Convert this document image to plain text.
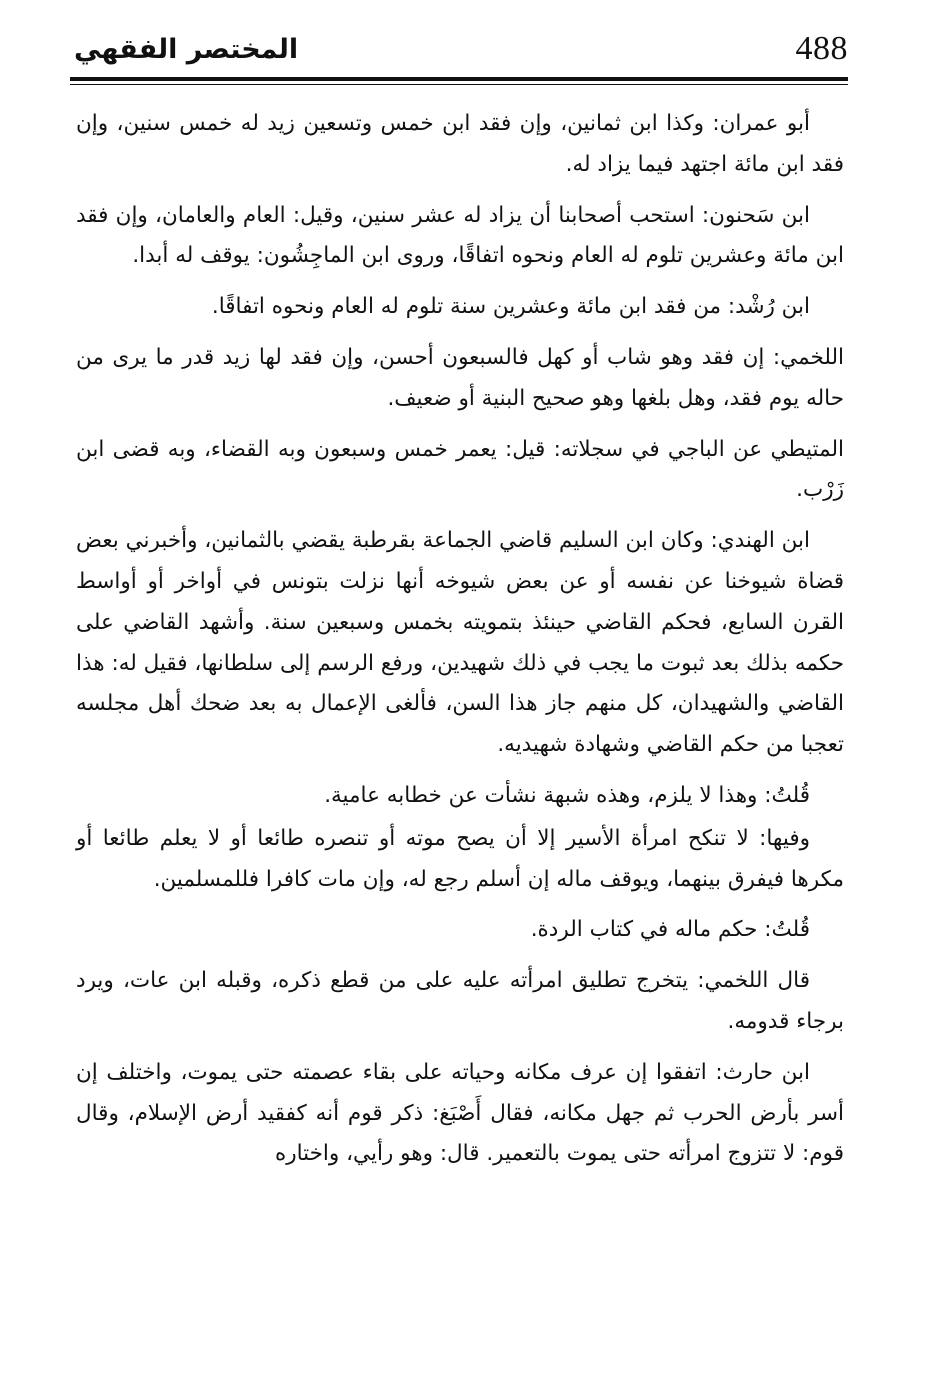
488
المختصر الفقهي

أبو عمران: وكذا ابن ثمانين، وإن فقد ابن خمس وتسعين زيد له خمس سنين، وإن فقد ابن مائة اجتهد فيما يزاد له.

ابن سَحنون: استحب أصحابنا أن يزاد له عشر سنين، وقيل: العام والعامان، وإن فقد ابن مائة وعشرين تلوم له العام ونحوه اتفاقًا، وروى ابن الماجِشُون: يوقف له أبدا.

ابن رُشْد: من فقد ابن مائة وعشرين سنة تلوم له العام ونحوه اتفاقًا.

اللخمي: إن فقد وهو شاب أو كهل فالسبعون أحسن، وإن فقد لها زيد قدر ما يرى من حاله يوم فقد، وهل بلغها وهو صحيح البنية أو ضعيف.

المتيطي عن الباجي في سجلاته: قيل: يعمر خمس وسبعون وبه القضاء، وبه قضى ابن زَرْب.

ابن الهندي: وكان ابن السليم قاضي الجماعة بقرطبة يقضي بالثمانين، وأخبرني بعض قضاة شيوخنا عن نفسه أو عن بعض شيوخه أنها نزلت بتونس في أواخر أو أواسط القرن السابع، فحكم القاضي حينئذ بتمويته بخمس وسبعين سنة. وأشهد القاضي على حكمه بذلك بعد ثبوت ما يجب في ذلك شهيدين، ورفع الرسم إلى سلطانها، فقيل له: هذا القاضي والشهيدان، كل منهم جاز هذا السن، فألغى الإعمال به بعد ضحك أهل مجلسه تعجبا من حكم القاضي وشهادة شهيديه.

قُلتُ: وهذا لا يلزم، وهذه شبهة نشأت عن خطابه عامية.

وفيها: لا تنكح امرأة الأسير إلا أن يصح موته أو تنصره طائعا أو لا يعلم طائعا أو مكرها فيفرق بينهما، ويوقف ماله إن أسلم رجع له، وإن مات كافرا فللمسلمين.

قُلتُ: حكم ماله في كتاب الردة.

قال اللخمي: يتخرج تطليق امرأته عليه على من قطع ذكره، وقبله ابن عات، ويرد برجاء قدومه.

ابن حارث: اتفقوا إن عرف مكانه وحياته على بقاء عصمته حتى يموت، واختلف إن أسر بأرض الحرب ثم جهل مكانه، فقال أَصْبَغ: ذكر قوم أنه كفقيد أرض الإسلام، وقال قوم: لا تتزوج امرأته حتى يموت بالتعمير. قال: وهو رأيي، واختاره
